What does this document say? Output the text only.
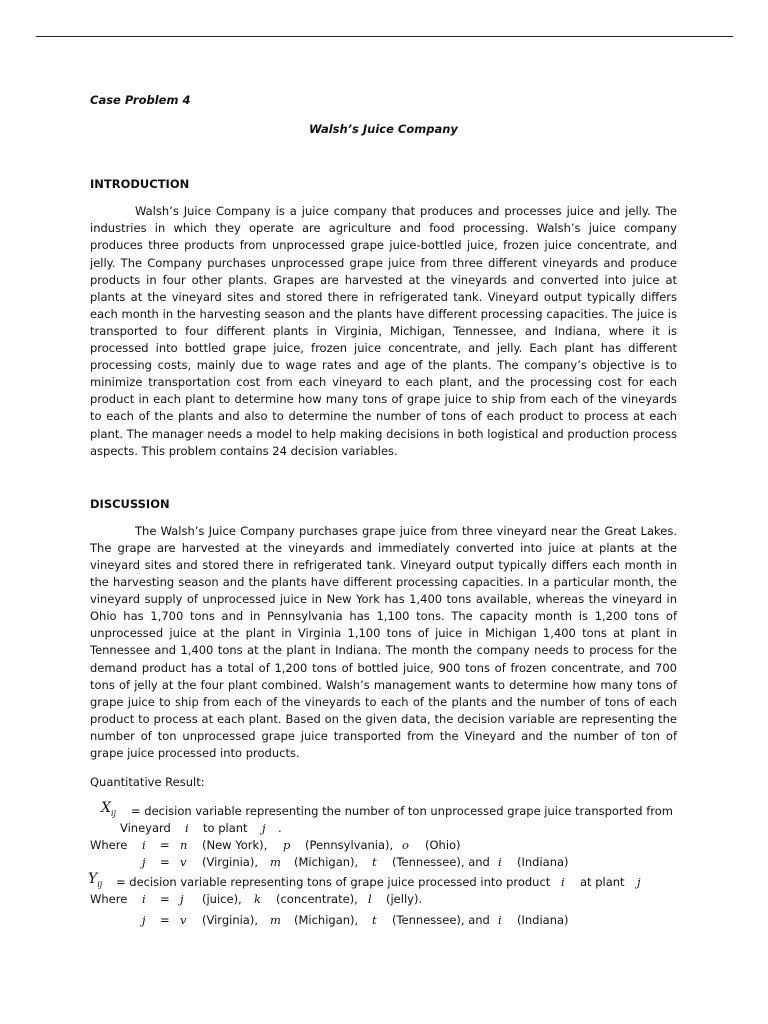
Case Problem 4

Walsh’s Juice Company

INTRODUCTION

Walsh’s Juice Company is a juice company that produces and processes juice and jelly. The industries in which they operate are agriculture and food processing. Walsh’s juice company produces three products from unprocessed grape juice-bottled juice, frozen juice concentrate, and jelly. The Company purchases unprocessed grape juice from three different vineyards and produce products in four other plants. Grapes are harvested at the vineyards and converted into juice at plants at the vineyard sites and stored there in refrigerated tank. Vineyard output typically differs each month in the harvesting season and the plants have different processing capacities. The juice is transported to four different plants in Virginia, Michigan, Tennessee, and Indiana, where it is processed into bottled grape juice, frozen juice concentrate, and jelly. Each plant has different processing costs, mainly due to wage rates and age of the plants. The company’s objective is to minimize transportation cost from each vineyard to each plant, and the processing cost for each product in each plant to determine how many tons of grape juice to ship from each of the vineyards to each of the plants and also to determine the number of tons of each product to process at each plant. The manager needs a model to help making decisions in both logistical and production process aspects. This problem contains 24 decision variables.

DISCUSSION

The Walsh’s Juice Company purchases grape juice from three vineyard near the Great Lakes. The grape are harvested at the vineyards and immediately converted into juice at plants at the vineyard sites and stored there in refrigerated tank. Vineyard output typically differs each month in the harvesting season and the plants have different processing capacities. In a particular month, the vineyard supply of unprocessed juice in New York has 1,400 tons available, whereas the vineyard in Ohio has 1,700 tons and in Pennsylvania has 1,100 tons. The capacity month is 1,200 tons of unprocessed juice at the plant in Virginia 1,100 tons of juice in Michigan 1,400 tons at plant in Tennessee and 1,400 tons at the plant in Indiana. The month the company needs to process for the demand product has a total of 1,200 tons of bottled juice, 900 tons of frozen concentrate, and 700 tons of jelly at the four plant combined. Walsh’s management wants to determine how many tons of grape juice to ship from each of the vineyards to each of the plants and the number of tons of each product to process at each plant. Based on the given data, the decision variable are representing the number of ton unprocessed grape juice transported from the Vineyard and the number of ton of grape juice processed into products.

Quantitative Result:

$X_{ij}$ = decision variable representing the number of ton unprocessed grape juice transported from
Vineyard i to plant j .
Where i = n (New York), p (Pennsylvania), o (Ohio)
j = v (Virginia), m (Michigan), t (Tennessee), and i (Indiana)
$Y_{ij}$ = decision variable representing tons of grape juice processed into product i at plant j
Where i = j (juice), k (concentrate), l (jelly).
j = v (Virginia), m (Michigan), t (Tennessee), and i (Indiana)
